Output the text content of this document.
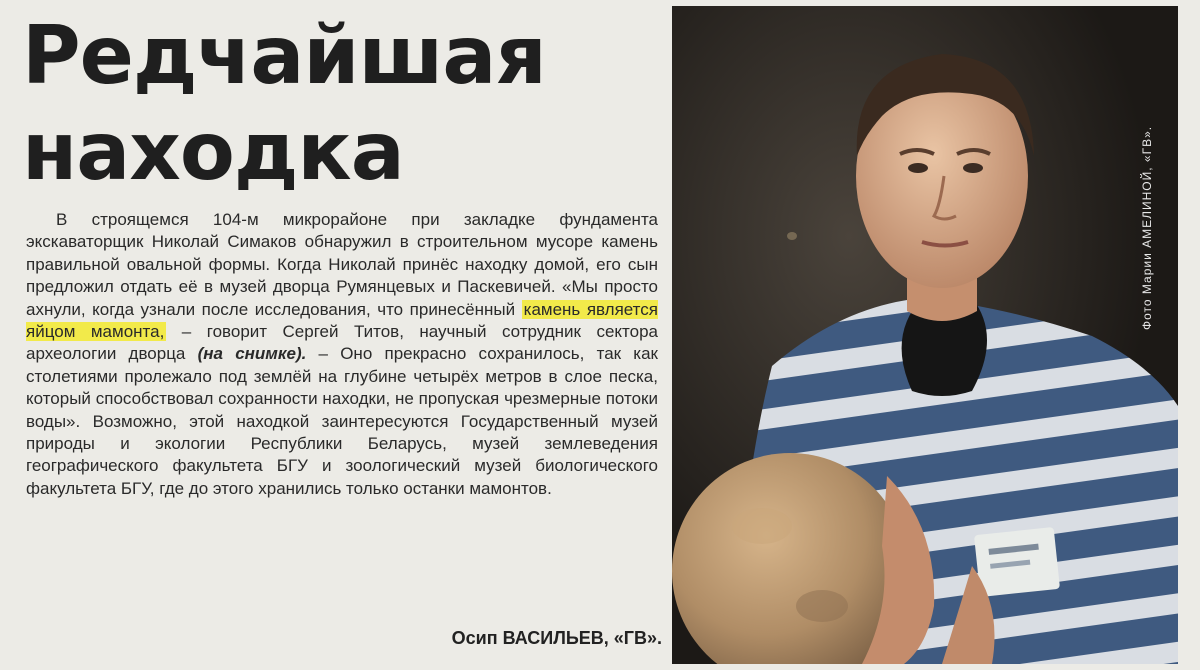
Редчайшая
находка

В строящемся 104-м микрорайоне при закладке фундамента экскаваторщик Николай Симаков обнаружил в строительном мусоре камень правильной овальной формы. Когда Николай принёс находку домой, его сын предложил отдать её в музей дворца Румянцевых и Паскевичей. «Мы просто ахнули, когда узнали после исследования, что принесённый камень является яйцом мамонта, – говорит Сергей Титов, научный сотрудник сектора археологии дворца (на снимке). – Оно прекрасно сохранилось, так как столетиями пролежало под землёй на глубине четырёх метров в слое песка, который способствовал сохранности находки, не пропуская чрезмерные потоки воды». Возможно, этой находкой заинтересуются Государственный музей природы и экологии Республики Беларусь, музей землеведения географического факультета БГУ и зоологический музей биологического факультета БГУ, где до этого хранились только останки мамонтов.

Осип ВАСИЛЬЕВ, «ГВ».
Фото Марии АМЕЛИНОЙ, «ГВ».
